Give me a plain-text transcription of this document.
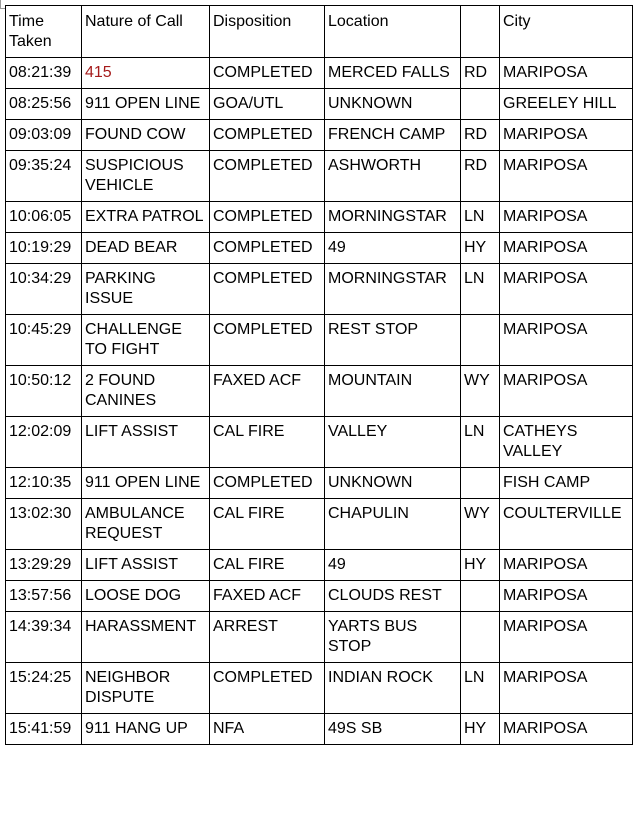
Time Taken	Nature of Call	Disposition	Location		City
08:21:39	415	COMPLETED	MERCED FALLS	RD	MARIPOSA
08:25:56	911 OPEN LINE	GOA/UTL	UNKNOWN		GREELEY HILL
09:03:09	FOUND COW	COMPLETED	FRENCH CAMP	RD	MARIPOSA
09:35:24	SUSPICIOUS VEHICLE	COMPLETED	ASHWORTH	RD	MARIPOSA
10:06:05	EXTRA PATROL	COMPLETED	MORNINGSTAR	LN	MARIPOSA
10:19:29	DEAD BEAR	COMPLETED	49	HY	MARIPOSA
10:34:29	PARKING ISSUE	COMPLETED	MORNINGSTAR	LN	MARIPOSA
10:45:29	CHALLENGE TO FIGHT	COMPLETED	REST STOP		MARIPOSA
10:50:12	2 FOUND CANINES	FAXED ACF	MOUNTAIN	WY	MARIPOSA
12:02:09	LIFT ASSIST	CAL FIRE	VALLEY	LN	CATHEYS VALLEY
12:10:35	911 OPEN LINE	COMPLETED	UNKNOWN		FISH CAMP
13:02:30	AMBULANCE REQUEST	CAL FIRE	CHAPULIN	WY	COULTERVILLE
13:29:29	LIFT ASSIST	CAL FIRE	49	HY	MARIPOSA
13:57:56	LOOSE DOG	FAXED ACF	CLOUDS REST		MARIPOSA
14:39:34	HARASSMENT	ARREST	YARTS BUS STOP		MARIPOSA
15:24:25	NEIGHBOR DISPUTE	COMPLETED	INDIAN ROCK	LN	MARIPOSA
15:41:59	911 HANG UP	NFA	49S SB	HY	MARIPOSA
